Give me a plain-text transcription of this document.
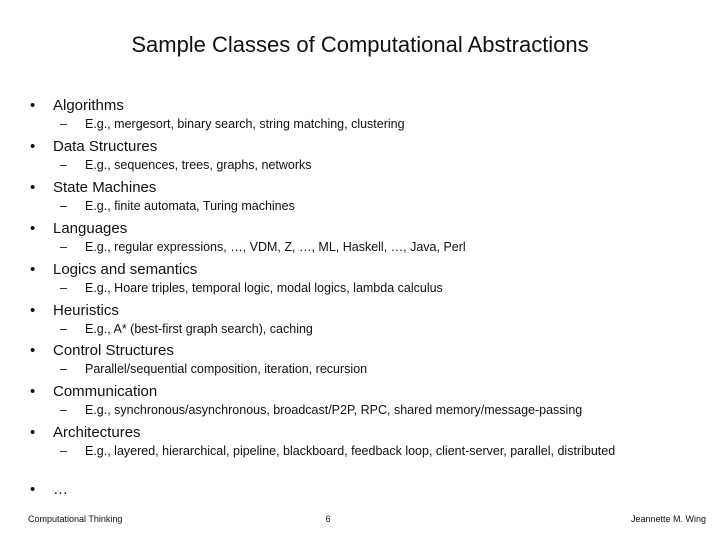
Sample Classes of Computational Abstractions
• Algorithms
– E.g., mergesort, binary search, string matching, clustering
• Data Structures
– E.g., sequences, trees, graphs, networks
• State Machines
– E.g., finite automata, Turing machines
• Languages
– E.g., regular expressions, …, VDM, Z, …, ML, Haskell, …, Java, Perl
• Logics and semantics
– E.g., Hoare triples, temporal logic, modal logics, lambda calculus
• Heuristics
– E.g., A* (best-first graph search), caching
• Control Structures
– Parallel/sequential composition, iteration, recursion
• Communication
– E.g., synchronous/asynchronous, broadcast/P2P, RPC, shared memory/message-passing
• Architectures
– E.g., layered, hierarchical, pipeline, blackboard, feedback loop, client-server, parallel, distributed
• …
Computational Thinking	6	Jeannette M. Wing
